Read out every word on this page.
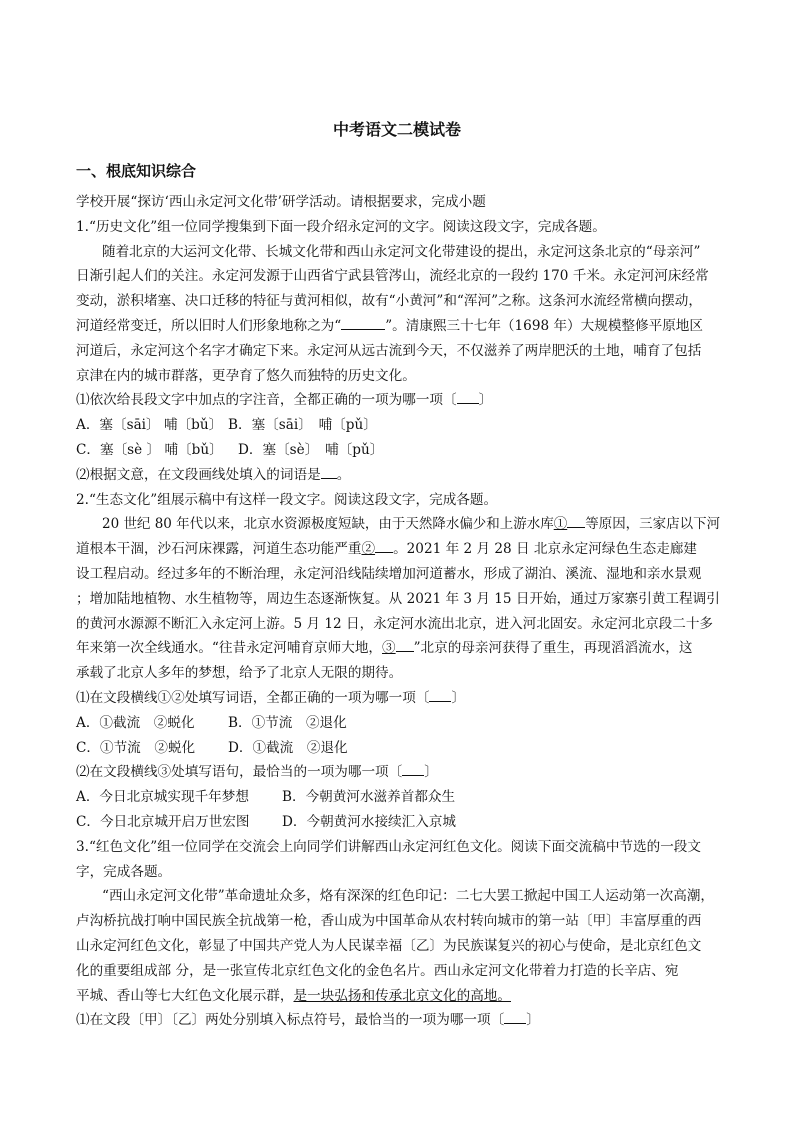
中考语文二模试卷
一、根底知识综合
学校开展“探访‘西山永定河文化带’研学活动。请根据要求，完成小题
1.“历史文化”组一位同学搜集到下面一段介绍永定河的文字。阅读这段文字，完成各题。
随着北京的大运河文化带、长城文化带和西山永定河文化带建设的提出，永定河这条北京的“母亲河”
日渐引起人们的关注。永定河发源于山西省宁武县管涔山，流经北京的一段约 170 千米。永定河河床经常
变动，淤积堵塞、决口迁移的特征与黄河相似，故有“小黄河”和“浑河”之称。这条河水流经常横向摆动，
河道经常变迁，所以旧时人们形象地称之为“	”。清康熙三十七年（1698 年）大规模整修平原地区
河道后，永定河这个名字才确定下来。永定河从远古流到今天，不仅滋养了两岸肥沃的土地，哺育了包括
京津在内的城市群落，更孕育了悠久而独特的历史文化。
⑴依次给長段文字中加点的字注音，全都正确的一项为哪一项〔 〕
A．塞〔sāi〕 哺〔bǔ〕 B．塞〔sāi〕　哺〔pǔ〕
C．塞〔sè 〕 哺〔bǔ〕 D．塞〔sè〕　哺〔pǔ〕
⑵根据文意，在文段画线处填入的词语是 。
2.“生态文化”组展示稿中有这样一段文字。阅读这段文字，完成各题。
20 世纪 80 年代以来，北京水资源极度短缺，由于天然降水偏少和上游水库① 等原因，三家店以下河
道根本干涸，沙石河床裸露，河道生态功能严重② 。2021 年 2 月 28 日 北京永定河绿色生态走廊建
设工程启动。经过多年的不断治理，永定河沿线陆续增加河道蓄水，形成了湖泊、溪流、湿地和亲水景观
；增加陆地植物、水生植物等，周边生态逐渐恢复。从 2021 年 3 月 15 日开始，通过万家寨引黄工程调引
的黄河水源源不断汇入永定河上游。5 月 12 日，永定河水流出北京，进入河北固安。永定河北京段二十多
年来第一次全线通水。“往昔永定河哺育京师大地，③ ”北京的母亲河获得了重生，再现滔滔流水，这
承载了北京人多年的梦想，给予了北京人无限的期待。
⑴在文段横线①②处填写词语，全都正确的一项为哪一项〔 〕
A．①截流　②蜕化 B．①节流　②退化
C．①节流　②蜕化 D．①截流　②退化
⑵在文段横线③处填写语句，最恰当的一项为哪一项〔 〕
A．今日北京城实现千年梦想 B．今朝黄河水滋养首都众生
C．今日北京城开启万世宏图 D．今朝黄河水接续汇入京城
3.“红色文化”组一位同学在交流会上向同学们讲解西山永定河红色文化。阅读下面交流稿中节选的一段文
字，完成各题。
“西山永定河文化带”革命遗址众多，烙有深深的红色印记：二七大罢工掀起中国工人运动第一次高潮，
卢沟桥抗战打响中国民族全抗战第一枪，香山成为中国革命从农村转向城市的第一站〔甲〕丰富厚重的西
山永定河红色文化，彰显了中国共产党人为人民谋幸福〔乙〕为民族谋复兴的初心与使命，是北京红色文
化的重要组成部 分，是一张宣传北京红色文化的金色名片。西山永定河文化带着力打造的长辛店、宛
平城、香山等七大红色文化展示群，是一块弘扬和传承北京文化的高地。
⑴在文段〔甲〕〔乙〕两处分别填入标点符号，最恰当的一项为哪一项〔 〕
